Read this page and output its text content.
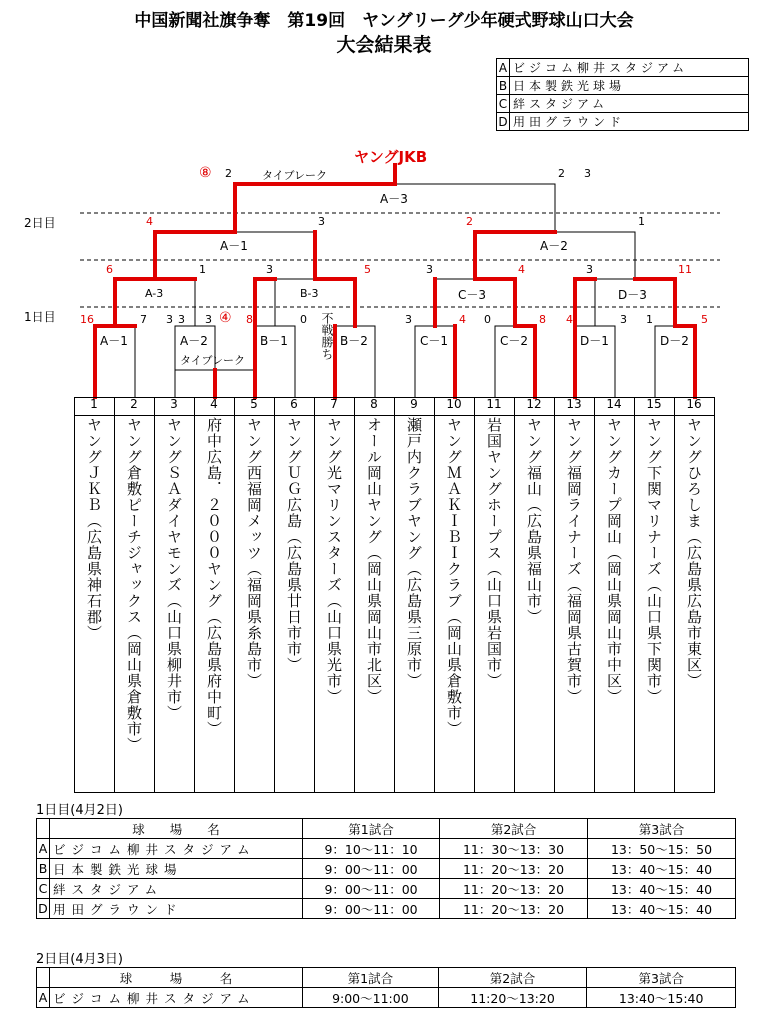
中国新聞社旗争奪　第19回　ヤングリーグ少年硬式野球山口大会
大会結果表
A	ビジコム柳井スタジアム
B	日本製鉄光球場
C	絆スタジアム
D	用田グラウンド
ヤングJKB
2日目
1日目
⑧ 2	タイブレーク	2 3
A－3
4	3
A－1
2	1
A－2
6	1
A-3
3	5
B-3
3	4
C－3
3	11
D－3
16	7
A－1
3 3 3 ④
A－2
タイブレーク
8	0
B－1	不戦勝ち B－2
3	4
C－1
0	8
C－2
4	3
D－1
1	5
D－2
1
ヤングＪＫＢ（広島県神石郡）
2
ヤング倉敷ピーチジャックス（岡山県倉敷市）
3
ヤングＳＡダイヤモンズ（山口県柳井市）
4
府中広島．２０００ヤング（広島県府中町）
5
ヤング西福岡メッツ（福岡県糸島市）
6
ヤングＵＧ広島（広島県廿日市市）
7
ヤング光マリンスターズ（山口県光市）
8
オール岡山ヤング（岡山県岡山市北区）
9
瀬戸内クラブヤング（広島県三原市）
10
ヤングＭＡＫＩＢＩクラブ（岡山県倉敷市）
11
岩国ヤングホープス（山口県岩国市）
12
ヤング福山（広島県福山市）
13
ヤング福岡ライナーズ（福岡県古賀市）
14
ヤングカープ岡山（岡山県岡山市中区）
15
ヤング下関マリナーズ（山口県下関市）
16
ヤングひろしま（広島県広島市東区）
1日目(4月2日)
	球　　場　　名	第1試合	第2試合	第3試合
A	ビジコム柳井スタジアム	9：10～11：10	11：30～13：30	13：50～15：50
B	日本製鉄光球場	9：00～11：00	11：20～13：20	13：40～15：40
C	絆スタジアム	9：00～11：00	11：20～13：20	13：40～15：40
D	用田グラウンド	9：00～11：00	11：20～13：20	13：40～15：40
2日目(4月3日)
	球　　　場　　　名	第1試合	第2試合	第3試合
A	ビジコム柳井スタジアム	9:00～11:00	11:20～13:20	13:40～15:40
